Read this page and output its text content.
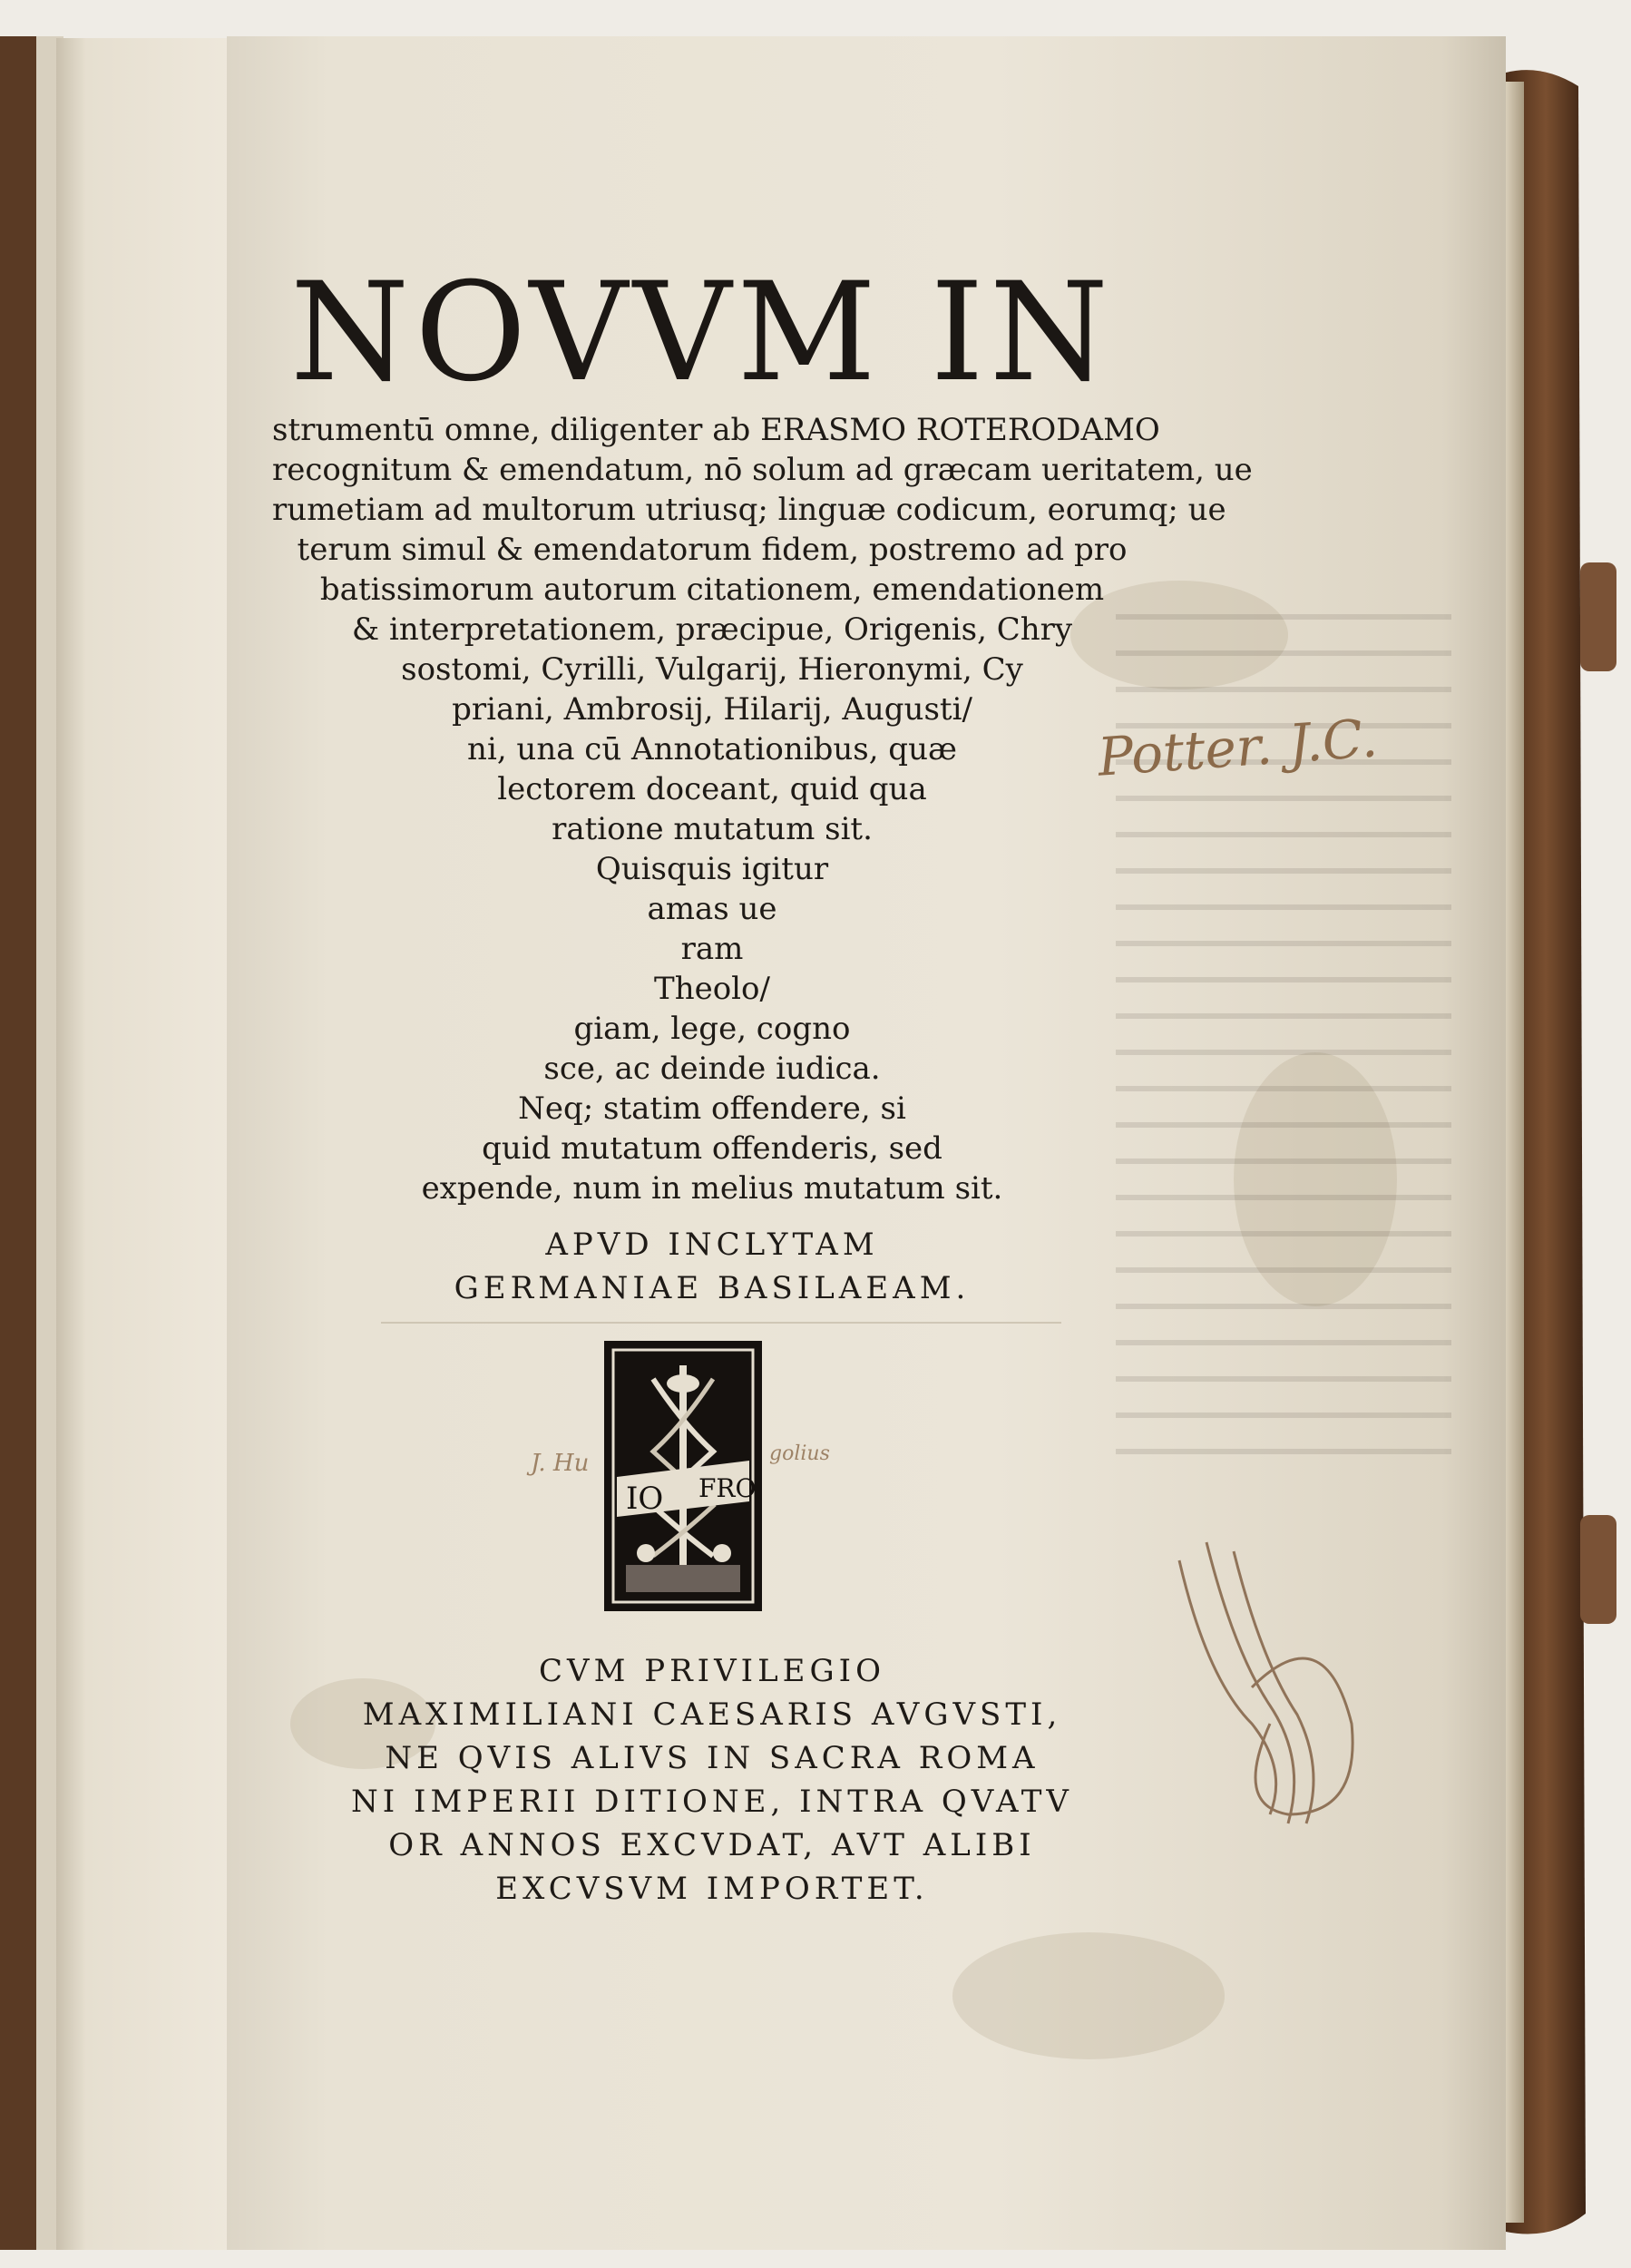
IO FRO
NOVVM IN
strumentū omne, diligenter ab ERASMO ROTERODAMO
recognitum & emendatum, nō solum ad græcam ueritatem, ue
rumetiam ad multorum utriusq; linguæ codicum, eorumq; ue
terum simul & emendatorum fidem, postremo ad pro
batissimorum autorum citationem, emendationem
& interpretationem, præcipue, Origenis, Chry
sostomi, Cyrilli, Vulgarij, Hieronymi, Cy
priani, Ambrosij, Hilarij, Augusti/
ni, una cū Annotationibus, quæ
lectorem doceant, quid qua
ratione mutatum sit.
Quisquis igitur
amas ue
ram
Theolo/
giam, lege, cogno
sce, ac deinde iudica.
Neq; statim offendere, si
quid mutatum offenderis, sed
expende, num in melius mutatum sit.
APVD INCLYTAM
GERMANIAE BASILAEAM.
CVM PRIVILEGIO
MAXIMILIANI CAESARIS AVGVSTI,
NE QVIS ALIVS IN SACRA ROMA
NI IMPERII DITIONE, INTRA QVATV
OR ANNOS EXCVDAT, AVT ALIBI
EXCVSVM IMPORTET.
Potter. J.C.
J. Hu	golius
